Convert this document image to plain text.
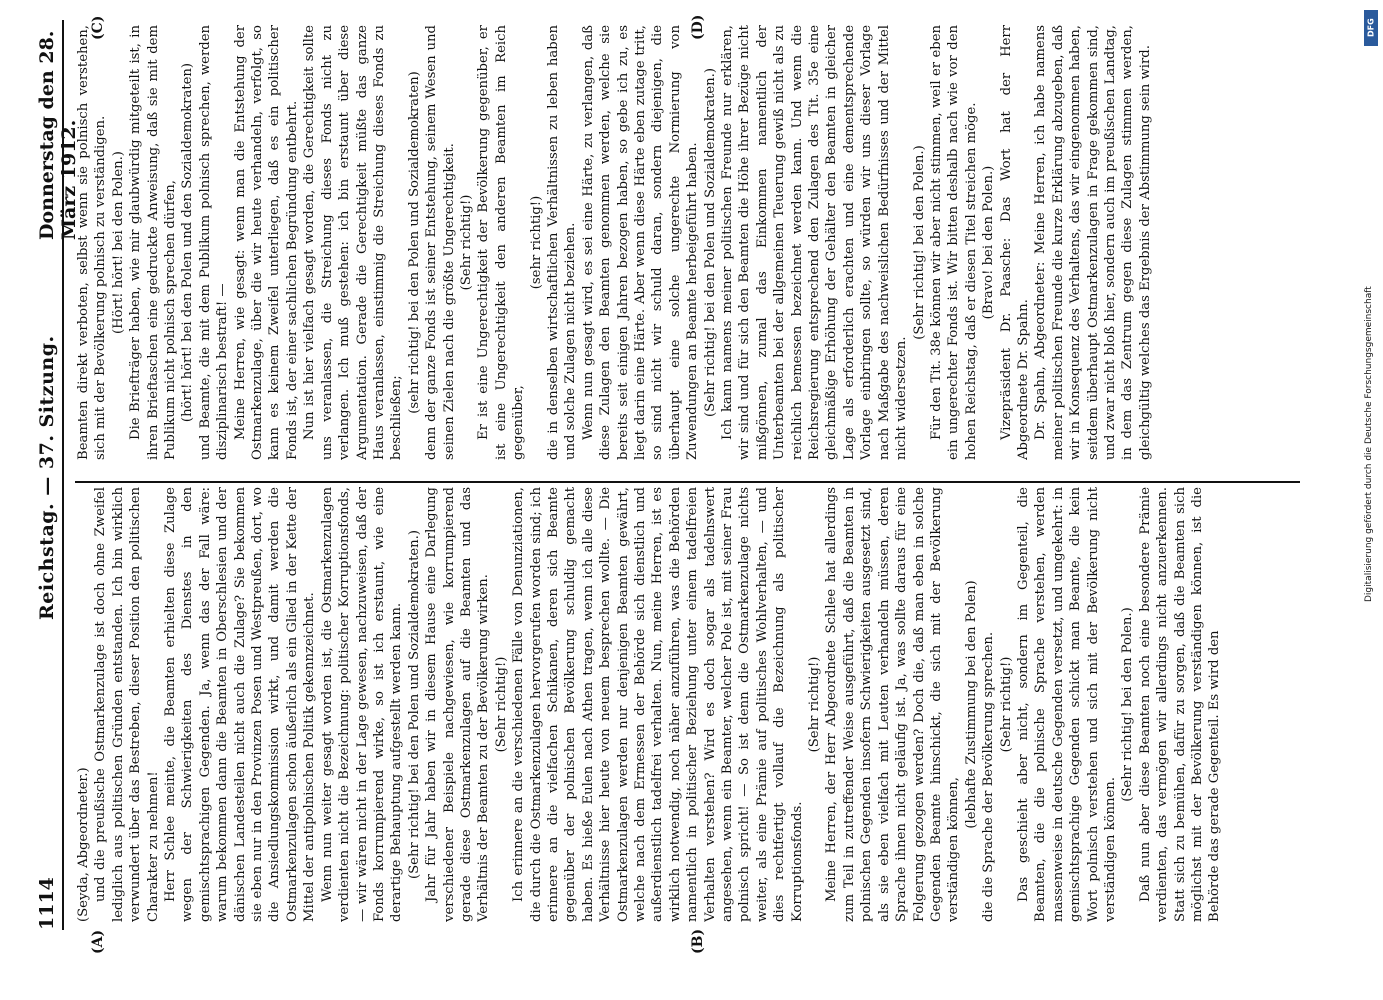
1114
Reichstag. — 37. Sitzung.
Donnerstag den 28. März 1912.
(A)	(B)
(C)	(D)

(Seyda, Abgeordneter.) und die preußische Ostmarkenzulage ist doch ohne Zweifel lediglich aus politischen Gründen entstanden. Ich bin wirklich verwundert über das Bestreben, dieser Position den politischen Charakter zu nehmen! Herr Schlee meinte, die Beamten erhielten diese Zulage wegen der Schwierigkeiten des Dienstes in den gemischtsprachigen Gegenden. Ja, wenn das der Fall wäre: warum bekommen dann die Beamten in Oberschlesien und der dänischen Landesteilen nicht auch die Zulage? Sie bekommen sie eben nur in den Provinzen Posen und Westpreußen, dort, wo die Ansiedlungskommission wirkt, und damit werden die Ostmarkenzulagen schon äußerlich als ein Glied in der Kette der Mittel der antipolnischen Politik gekennzeichnet. Wenn nun weiter gesagt worden ist, die Ostmarkenzulagen verdienten nicht die Bezeichnung: politischer Korruptionsfonds, — wir wären nicht in der Lage gewesen, nachzuweisen, daß der Fonds korrumpierend wirke, so ist ich erstaunt, wie eine derartige Behauptung aufgestellt werden kann. (Sehr richtig! bei den Polen und Sozialdemokraten.) Jahr für Jahr haben wir in diesem Hause eine Darlegung verschiedener Beispiele nachgewiesen, wie korrumpierend gerade diese Ostmarkenzulagen auf die Beamten und das Verhältnis der Beamten zu der Bevölkerung wirken. (Sehr richtig!) Ich erinnere an die verschiedenen Fälle von Denunziationen, die durch die Ostmarkenzulagen hervorgerufen worden sind; ich erinnere an die vielfachen Schikanen, deren sich Beamte gegenüber der polnischen Bevölkerung schuldig gemacht haben. Es hieße Eulen nach Athen tragen, wenn ich alle diese Verhältnisse hier heute von neuem besprechen wollte. — Die Ostmarkenzulagen werden nur denjenigen Beamten gewährt, welche nach dem Ermessen der Behörde sich dienstlich und außerdienstlich tadelfrei verhalten. Nun, meine Herren, ist es wirklich notwendig, noch näher anzuführen, was die Behörden namentlich in politischer Beziehung unter einem tadelfreien Verhalten verstehen? Wird es doch sogar als tadelnswert angesehen, wenn ein Beamter, welcher Pole ist, mit seiner Frau polnisch spricht! — So ist denn die Ostmarkenzulage nichts weiter, als eine Prämie auf politisches Wohlverhalten, — und dies rechtfertigt vollauf die Bezeichnung als politischer Korruptionsfonds.

(Sehr richtig!) Meine Herren, der Herr Abgeordnete Schlee hat allerdings zum Teil in zutreffender Weise ausgeführt, daß die Beamten in polnischen Gegenden insofern Schwierigkeiten ausgesetzt sind, als sie eben vielfach mit Leuten verhandeln müssen, deren Sprache ihnen nicht geläufig ist. Ja, was sollte daraus für eine Folgerung gezogen werden? Doch die, daß man eben in solche Gegenden Beamte hinschickt, die sich mit der Bevölkerung verständigen können,

(lebhafte Zustimmung bei den Polen) die die Sprache der Bevölkerung sprechen. (Sehr richtig!) Das geschieht aber nicht, sondern im Gegenteil, die Beamten, die die polnische Sprache verstehen, werden massenweise in deutsche Gegenden versetzt, und umgekehrt: in gemischtsprachige Gegenden schickt man Beamte, die kein Wort polnisch verstehen und sich mit der Bevölkerung nicht verständigen können.

(Sehr richtig! bei den Polen.) Daß nun aber diese Beamten noch eine besondere Prämie verdienten, das vermögen wir allerdings nicht anzuerkennen. Statt sich zu bemühen, dafür zu sorgen, daß die Beamten sich möglichst mit der Bevölkerung verständigen können, ist die Behörde das gerade Gegenteil. Es wird den

Beamten direkt verboten, selbst wenn sie polnisch verstehen, sich mit der Bevölkerung polnisch zu verständigen. (Hört! hört! bei den Polen.) Die Briefträger haben, wie mir glaubwürdig mitgeteilt ist, in ihren Brieftaschen eine gedruckte Anweisung, daß sie mit dem Publikum nicht polnisch sprechen dürfen, (hört! hört! bei den Polen und den Sozialdemokraten) und Beamte, die mit dem Publikum polnisch sprechen, werden disziplinarisch bestraft! — Meine Herren, wie gesagt: wenn man die Entstehung der Ostmarkenzulage, über die wir heute verhandeln, verfolgt, so kann es keinem Zweifel unterliegen, daß es ein politischer Fonds ist, der einer sachlichen Begründung entbehrt. Nun ist hier vielfach gesagt worden, die Gerechtigkeit sollte uns veranlassen, die Streichung dieses Fonds nicht zu verlangen. Ich muß gestehen: ich bin erstaunt über diese Argumentation. Gerade die Gerechtigkeit müßte das ganze Haus veranlassen, einstimmig die Streichung dieses Fonds zu beschließen;

(sehr richtig! bei den Polen und Sozialdemokraten) denn der ganze Fonds ist seiner Entstehung, seinem Wesen und seinen Zielen nach die größte Ungerechtigkeit. (Sehr richtig!) Er ist eine Ungerechtigkeit der Bevölkerung gegenüber, er ist eine Ungerechtigkeit den anderen Beamten im Reich gegenüber,

(sehr richtig!) die in denselben wirtschaftlichen Verhältnissen zu leben haben und solche Zulagen nicht beziehen. Wenn nun gesagt wird, es sei eine Härte, zu verlangen, daß diese Zulagen den Beamten genommen werden, welche sie bereits seit einigen Jahren bezogen haben, so gebe ich zu, es liegt darin eine Härte. Aber wenn diese Härte eben zutage tritt, so sind nicht wir schuld daran, sondern diejenigen, die überhaupt eine solche ungerechte Normierung von Zuwendungen an Beamte herbeigeführt haben. (Sehr richtig! bei den Polen und Sozialdemokraten.) Ich kann namens meiner politischen Freunde nur erklären, wir sind und für sich den Beamten die Höhe ihrer Bezüge nicht mißgönnen, zumal das Einkommen namentlich der Unterbeamten bei der allgemeinen Teuerung gewiß nicht als zu reichlich bemessen bezeichnet werden kann. Und wenn die Reichsregierung entsprechend den Zulagen des Tit. 35e eine gleichmäßige Erhöhung der Gehälter den Beamten in gleicher Lage als erforderlich erachten und eine dementsprechende Vorlage einbringen sollte, so würden wir uns dieser Vorlage nach Maßgabe des nachweislichen Bedürfnisses und der Mittel nicht widersetzen.

(Sehr richtig! bei den Polen.) Für den Tit. 38e können wir aber nicht stimmen, weil er eben ein ungerechter Fonds ist. Wir bitten deshalb nach wie vor den hohen Reichstag, daß er diesen Titel streichen möge. (Bravo! bei den Polen.) Vizepräsident Dr. Paasche: Das Wort hat der Herr Abgeordnete Dr. Spahn. Dr. Spahn, Abgeordneter: Meine Herren, ich habe namens meiner politischen Freunde die kurze Erklärung abzugeben, daß wir in Konsequenz des Verhaltens, das wir eingenommen haben, seitdem überhaupt Ostmarkenzulagen in Frage gekommen sind, und zwar nicht bloß hier, sondern auch im preußischen Landtag, in dem das Zentrum gegen diese Zulagen stimmen werden, gleichgültig welches das Ergebnis der Abstimmung sein wird.

DFG
Digitalisierung gefördert durch die Deutsche Forschungsgemeinschaft
